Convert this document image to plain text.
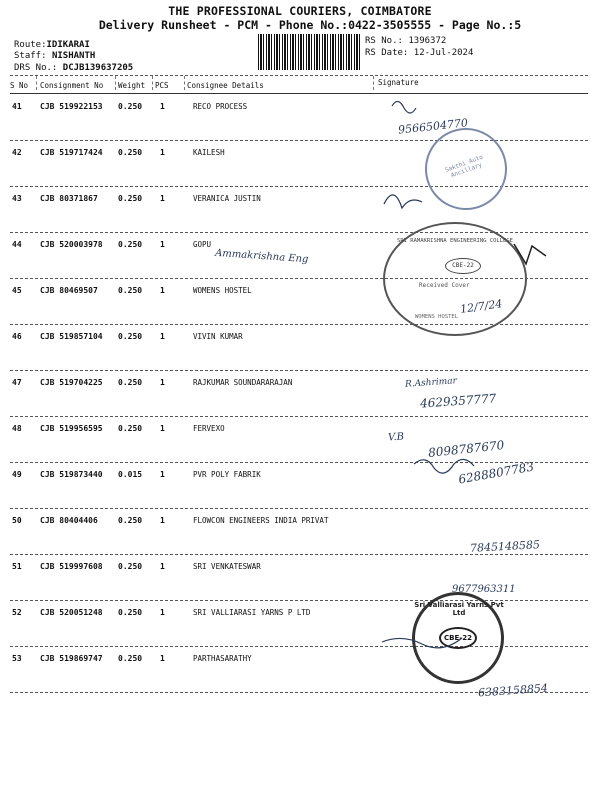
THE PROFESSIONAL COURIERS, COIMBATORE
Delivery Runsheet - PCM - Phone No.:0422-3505555 - Page No.:5
Route:IDIKARAI
Staff: NISHANTH
DRS No.: DCJB139637205
RS No.: 1396372
RS Date: 12-Jul-2024
S No Consignment No Weight PCS Consignee Details	Signature
41 CJB 519922153 0.250 1	RECO PROCESS
42 CJB 519717424 0.250 1	KAILESH
43 CJB 80371867	0.250 1	VERANICA JUSTIN
44 CJB 520003978 0.250 1	GOPU
45 CJB 80469507	0.250 1	WOMENS HOSTEL
46 CJB 519857104 0.250 1	VIVIN KUMAR
47 CJB 519704225 0.250 1	RAJKUMAR SOUNDARARAJAN
48 CJB 519956595 0.250 1	FERVEXO
49 CJB 519873440 0.015 1	PVR POLY FABRIK
50 CJB 80404406	0.250 1	FLOWCON ENGINEERS INDIA PRIVAT
51 CJB 519997608 0.250 1	SRI VENKATESWAR
52 CJB 520051248 0.250 1	SRI VALLIARASI YARNS P LTD
53 CJB 519869747 0.250 1	PARTHASARATHY
Sakthi Auto Ancillary
SRI RAMAKRISHNA ENGINEERING COLLEGE
CBE-22
Received Cover
WOMENS HOSTEL
Sri Valliarasi Yarns Pvt Ltd
CBE-22
9566504770
Ammakrishna Eng
12/7/24
R.Ashrimar
4629357777
V.B
8098787670
6288807783
7845148585
9677963311
6383158854
